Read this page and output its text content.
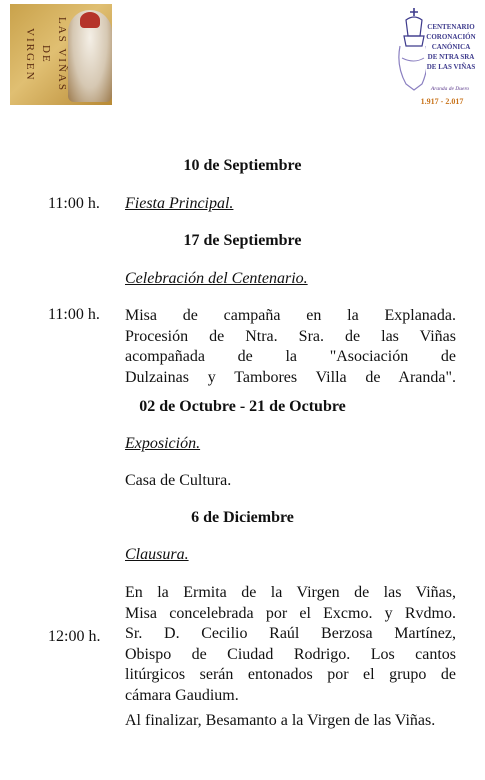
VIRGEN DE LAS VIÑAS	CENTENARIO
CORONACIÓN
CANÓNICA
DE NTRA SRA
DE LAS VIÑAS
Aranda de Duero
1.917 - 2.017
10 de Septiembre
11:00 h. Fiesta Principal.
17 de Septiembre
Celebración del Centenario.
11:00 h. Misa de campaña en la Explanada.
Procesión de Ntra. Sra. de las Viñas
acompañada de la "Asociación de
Dulzainas y Tambores Villa de Aranda".
02 de Octubre - 21 de Octubre
Exposición.
Casa de Cultura.
6 de Diciembre
Clausura.
12:00 h.
En la Ermita de la Virgen de las Viñas,
Misa concelebrada por el Excmo. y Rvdmo.
Sr. D. Cecilio Raúl Berzosa Martínez,
Obispo de Ciudad Rodrigo. Los cantos
litúrgicos serán entonados por el grupo de
cámara Gaudium.
Al finalizar, Besamanto a la Virgen de las Viñas.
